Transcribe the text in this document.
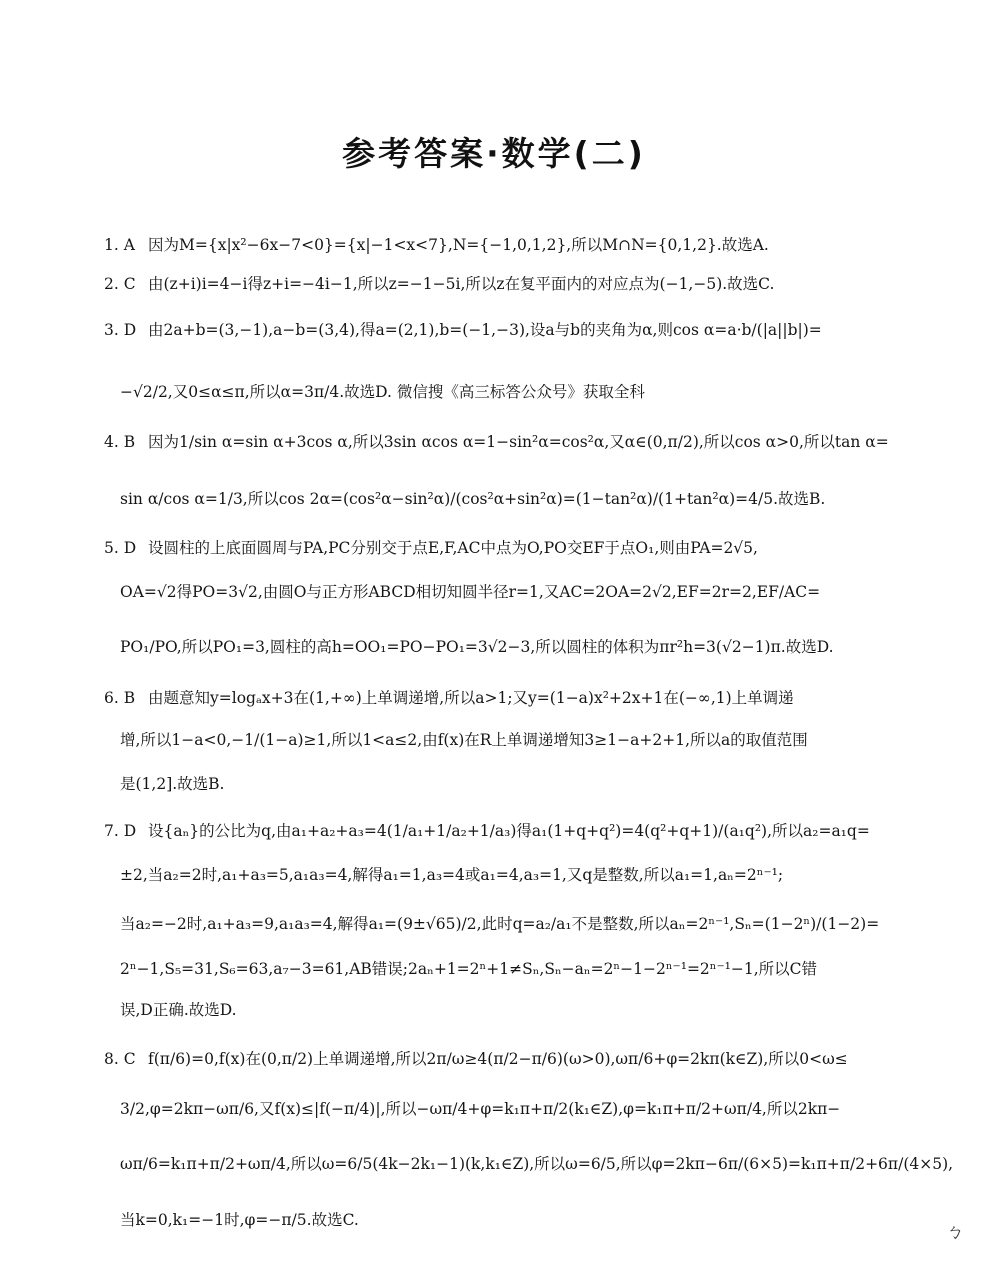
参考答案·数学(二)
1. A 因为M={x|x²−6x−7<0}={x|−1<x<7},N={−1,0,1,2},所以M∩N={0,1,2}.故选A.
2. C 由(z+i)i=4−i得z+i=−4i−1,所以z=−1−5i,所以z在复平面内的对应点为(−1,−5).故选C.
3. D 由2a+b=(3,−1),a−b=(3,4),得a=(2,1),b=(−1,−3),设a与b的夹角为α,则cos α=a·b/(|a||b|)=
−√2/2,又0≤α≤π,所以α=3π/4.故选D. 微信搜《高三标答公众号》获取全科
4. B 因为1/sin α=sin α+3cos α,所以3sin αcos α=1−sin²α=cos²α,又α∈(0,π/2),所以cos α>0,所以tan α=
sin α/cos α=1/3,所以cos 2α=(cos²α−sin²α)/(cos²α+sin²α)=(1−tan²α)/(1+tan²α)=4/5.故选B.
5. D 设圆柱的上底面圆周与PA,PC分别交于点E,F,AC中点为O,PO交EF于点O₁,则由PA=2√5,
OA=√2得PO=3√2,由圆O与正方形ABCD相切知圆半径r=1,又AC=2OA=2√2,EF=2r=2,EF/AC=
PO₁/PO,所以PO₁=3,圆柱的高h=OO₁=PO−PO₁=3√2−3,所以圆柱的体积为πr²h=3(√2−1)π.故选D.
6. B 由题意知y=logₐx+3在(1,+∞)上单调递增,所以a>1;又y=(1−a)x²+2x+1在(−∞,1)上单调递
增,所以1−a<0,−1/(1−a)≥1,所以1<a≤2,由f(x)在R上单调递增知3≥1−a+2+1,所以a的取值范围
是(1,2].故选B.
7. D 设{aₙ}的公比为q,由a₁+a₂+a₃=4(1/a₁+1/a₂+1/a₃)得a₁(1+q+q²)=4(q²+q+1)/(a₁q²),所以a₂=a₁q=
±2,当a₂=2时,a₁+a₃=5,a₁a₃=4,解得a₁=1,a₃=4或a₁=4,a₃=1,又q是整数,所以a₁=1,aₙ=2ⁿ⁻¹;
当a₂=−2时,a₁+a₃=9,a₁a₃=4,解得a₁=(9±√65)/2,此时q=a₂/a₁不是整数,所以aₙ=2ⁿ⁻¹,Sₙ=(1−2ⁿ)/(1−2)=
2ⁿ−1,S₅=31,S₆=63,a₇−3=61,AB错误;2aₙ+1=2ⁿ+1≠Sₙ,Sₙ−aₙ=2ⁿ−1−2ⁿ⁻¹=2ⁿ⁻¹−1,所以C错
误,D正确.故选D.
8. C f(π/6)=0,f(x)在(0,π/2)上单调递增,所以2π/ω≥4(π/2−π/6)(ω>0),ωπ/6+φ=2kπ(k∈Z),所以0<ω≤
3/2,φ=2kπ−ωπ/6,又f(x)≤|f(−π/4)|,所以−ωπ/4+φ=k₁π+π/2(k₁∈Z),φ=k₁π+π/2+ωπ/4,所以2kπ−
ωπ/6=k₁π+π/2+ωπ/4,所以ω=6/5(4k−2k₁−1)(k,k₁∈Z),所以ω=6/5,所以φ=2kπ−6π/(6×5)=k₁π+π/2+6π/(4×5),
当k=0,k₁=−1时,φ=−π/5.故选C.
ㄅ
